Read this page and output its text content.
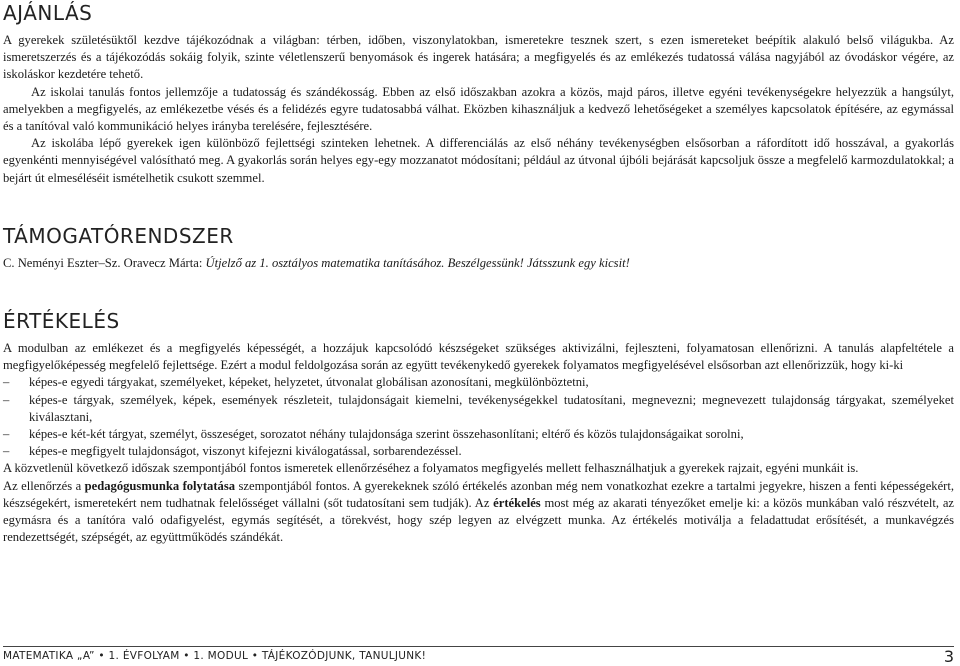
AJÁNLÁS

A gyerekek születésüktől kezdve tájékozódnak a világban: térben, időben, viszonylatokban, ismeretekre tesznek szert, s ezen ismereteket beépítik alakuló belső világukba. Az ismeretszerzés és a tájékozódás sokáig folyik, szinte véletlenszerű benyomások és ingerek hatására; a megfigyelés és az emlékezés tudatossá válása nagyjából az óvodáskor végére, az iskoláskor kezdetére tehető.

Az iskolai tanulás fontos jellemzője a tudatosság és szándékosság. Ebben az első időszakban azokra a közös, majd páros, illetve egyéni tevékenységekre helyezzük a hangsúlyt, amelyekben a megfigyelés, az emlékezetbe vésés és a felidézés egyre tudatosabbá válhat. Eközben kihasználjuk a kedvező lehetőségeket a személyes kapcsolatok építésére, az egymással és a tanítóval való kommunikáció helyes irányba terelésére, fejlesztésére.

Az iskolába lépő gyerekek igen különböző fejlettségi szinteken lehetnek. A differenciálás az első néhány tevékenységben elsősorban a ráfordított idő hosszával, a gyakorlás egyenkénti mennyiségével valósítható meg. A gyakorlás során helyes egy-egy mozzanatot módosítani; például az útvonal újbóli bejárását kapcsoljuk össze a megfelelő karmozdulatokkal; a bejárt út elmeséléséit ismételhetik csukott szemmel.

TÁMOGATÓRENDSZER

C. Neményi Eszter–Sz. Oravecz Márta: Útjelző az 1. osztályos matematika tanításához. Beszélgessünk! Játsszunk egy kicsit!

ÉRTÉKELÉS

A modulban az emlékezet és a megfigyelés képességét, a hozzájuk kapcsolódó készségeket szükséges aktivizálni, fejleszteni, folyamatosan ellenőrizni. A tanulás alapfeltétele a megfigyelőképesség megfelelő fejlettsége. Ezért a modul feldolgozása során az együtt tevékenykedő gyerekek folyamatos megfigyelésével elsősorban azt ellenőrizzük, hogy ki-ki

– képes-e egyedi tárgyakat, személyeket, képeket, helyzetet, útvonalat globálisan azonosítani, megkülönböztetni,
– képes-e tárgyak, személyek, képek, események részleteit, tulajdonságait kiemelni, tevékenységekkel tudatosítani, megnevezni; megnevezett tulajdonság tárgyakat, személyeket kiválasztani,
– képes-e két-két tárgyat, személyt, összeséget, sorozatot néhány tulajdonsága szerint összehasonlítani; eltérő és közös tulajdonságaikat sorolni,
– képes-e megfigyelt tulajdonságot, viszonyt kifejezni kiválogatással, sorbarendezéssel.

A közvetlenül következő időszak szempontjából fontos ismeretek ellenőrzéséhez a folyamatos megfigyelés mellett felhasználhatjuk a gyerekek rajzait, egyéni munkáit is.

Az ellenőrzés a pedagógusmunka folytatása szempontjából fontos. A gyerekeknek szóló értékelés azonban még nem vonatkozhat ezekre a tartalmi jegyekre, hiszen a fenti képességekért, készségekért, ismeretekért nem tudhatnak felelősséget vállalni (sőt tudatosítani sem tudják). Az értékelés most még az akarati tényezőket emelje ki: a közös munkában való részvételt, az egymásra és a tanítóra való odafigyelést, egymás segítését, a törekvést, hogy szép legyen az elvégzett munka. Az értékelés motiválja a feladattudat erősítését, a munkavégzés rendezettségét, szépségét, az együttműködés szándékát.

MATEMATIKA „A” • 1. ÉVFOLYAM • 1. MODUL • TÁJÉKOZÓDJUNK, TANULJUNK!	3
